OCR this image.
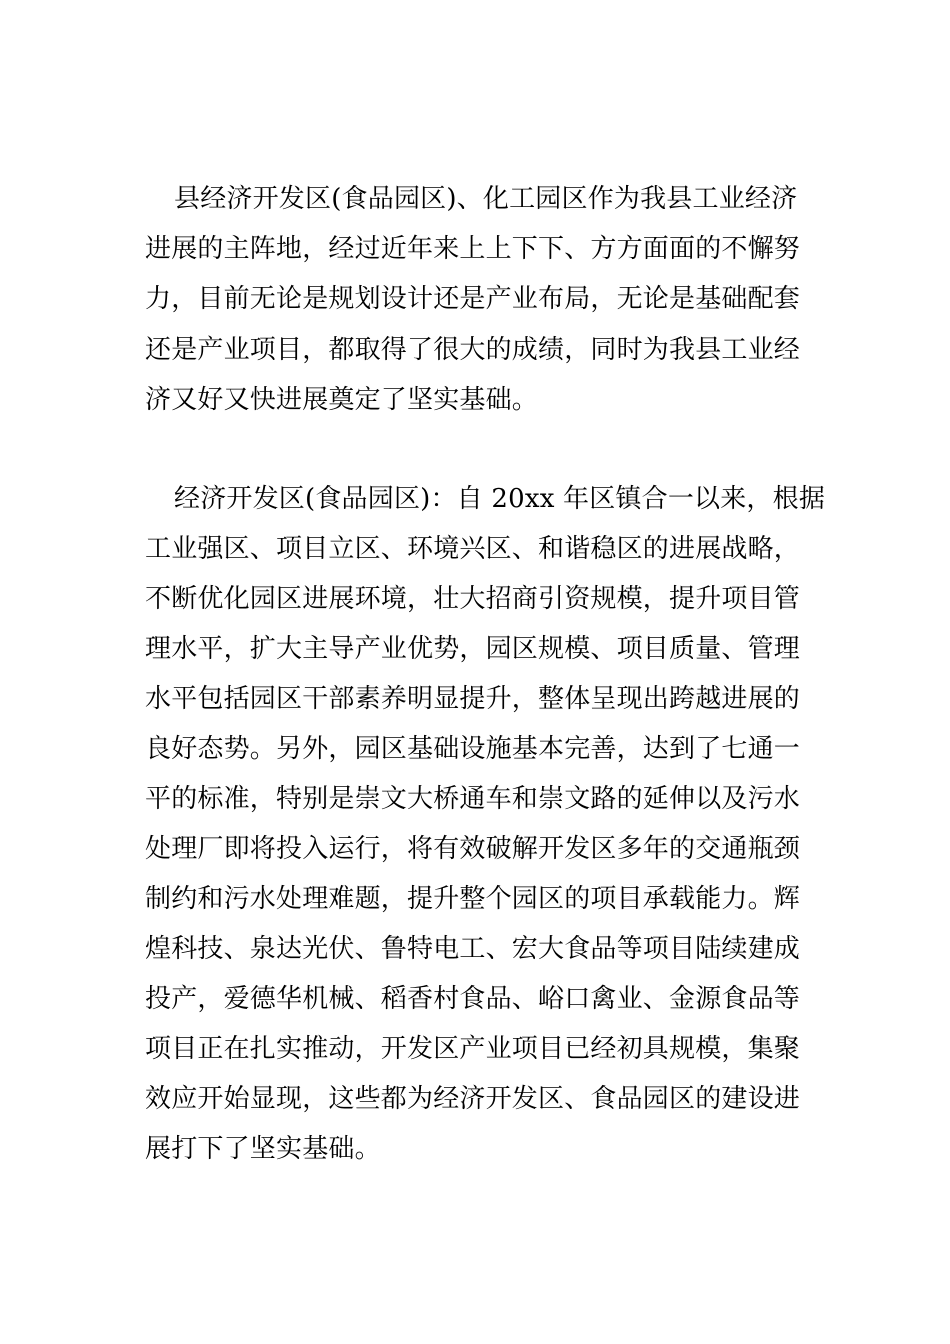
县经济开发区(食品园区)、化工园区作为我县工业经济
进展的主阵地，经过近年来上上下下、方方面面的不懈努
力，目前无论是规划设计还是产业布局，无论是基础配套
还是产业项目，都取得了很大的成绩，同时为我县工业经
济又好又快进展奠定了坚实基础。
经济开发区(食品园区)：自 20xx 年区镇合一以来，根据
工业强区、项目立区、环境兴区、和谐稳区的进展战略，
不断优化园区进展环境，壮大招商引资规模，提升项目管
理水平，扩大主导产业优势，园区规模、项目质量、管理
水平包括园区干部素养明显提升，整体呈现出跨越进展的
良好态势。另外，园区基础设施基本完善，达到了七通一
平的标准，特别是崇文大桥通车和崇文路的延伸以及污水
处理厂即将投入运行，将有效破解开发区多年的交通瓶颈
制约和污水处理难题，提升整个园区的项目承载能力。辉
煌科技、泉达光伏、鲁特电工、宏大食品等项目陆续建成
投产，爱德华机械、稻香村食品、峪口禽业、金源食品等
项目正在扎实推动，开发区产业项目已经初具规模，集聚
效应开始显现，这些都为经济开发区、食品园区的建设进
展打下了坚实基础。
